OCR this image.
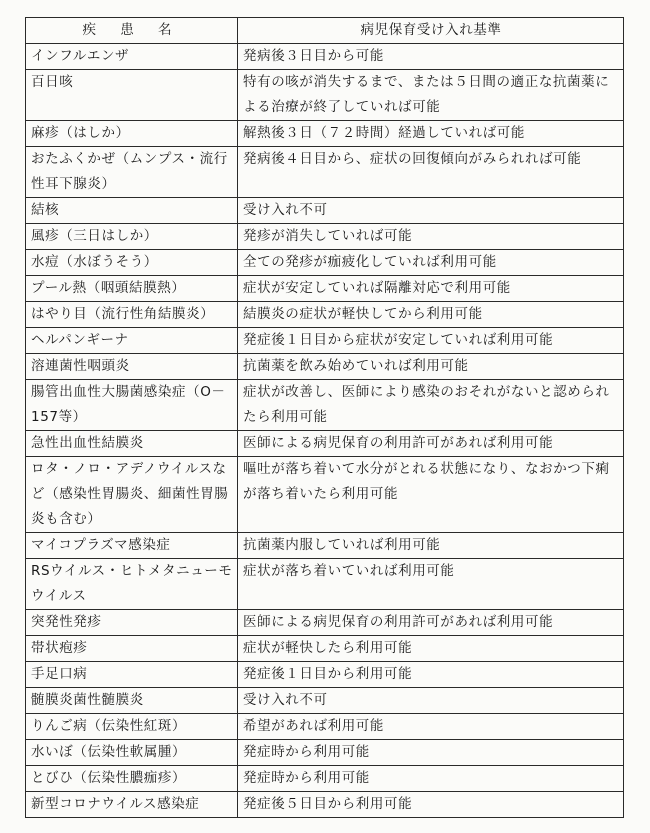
疾 患 名	病児保育受け入れ基準
インフルエンザ	発病後３日目から可能
百日咳	特有の咳が消失するまで、または５日間の適正な抗菌薬による治療が終了していれば可能
麻疹（はしか）	解熱後３日（７２時間）経過していれば可能
おたふくかぜ（ムンプス・流行性耳下腺炎）	発病後４日目から、症状の回復傾向がみられれば可能
結核	受け入れ不可
風疹（三日はしか）	発疹が消失していれば可能
水痘（水ぼうそう）	全ての発疹が痂疲化していれば利用可能
プール熱（咽頭結膜熱）	症状が安定していれば隔離対応で利用可能
はやり目（流行性角結膜炎）	結膜炎の症状が軽快してから利用可能
ヘルパンギーナ	発症後１日目から症状が安定していれば利用可能
溶連菌性咽頭炎	抗菌薬を飲み始めていれば利用可能
腸管出血性大腸菌感染症（O－157等）	症状が改善し、医師により感染のおそれがないと認められたら利用可能
急性出血性結膜炎	医師による病児保育の利用許可があれば利用可能
ロタ・ノロ・アデノウイルスなど（感染性胃腸炎、細菌性胃腸炎も含む）	嘔吐が落ち着いて水分がとれる状態になり、なおかつ下痢が落ち着いたら利用可能
マイコプラズマ感染症	抗菌薬内服していれば利用可能
RSウイルス・ヒトメタニューモウイルス	症状が落ち着いていれば利用可能
突発性発疹	医師による病児保育の利用許可があれば利用可能
帯状疱疹	症状が軽快したら利用可能
手足口病	発症後１日目から利用可能
髄膜炎菌性髄膜炎	受け入れ不可
りんご病（伝染性紅斑）	希望があれば利用可能
水いぼ（伝染性軟属腫）	発症時から利用可能
とびひ（伝染性膿痂疹）	発症時から利用可能
新型コロナウイルス感染症	発症後５日目から利用可能
